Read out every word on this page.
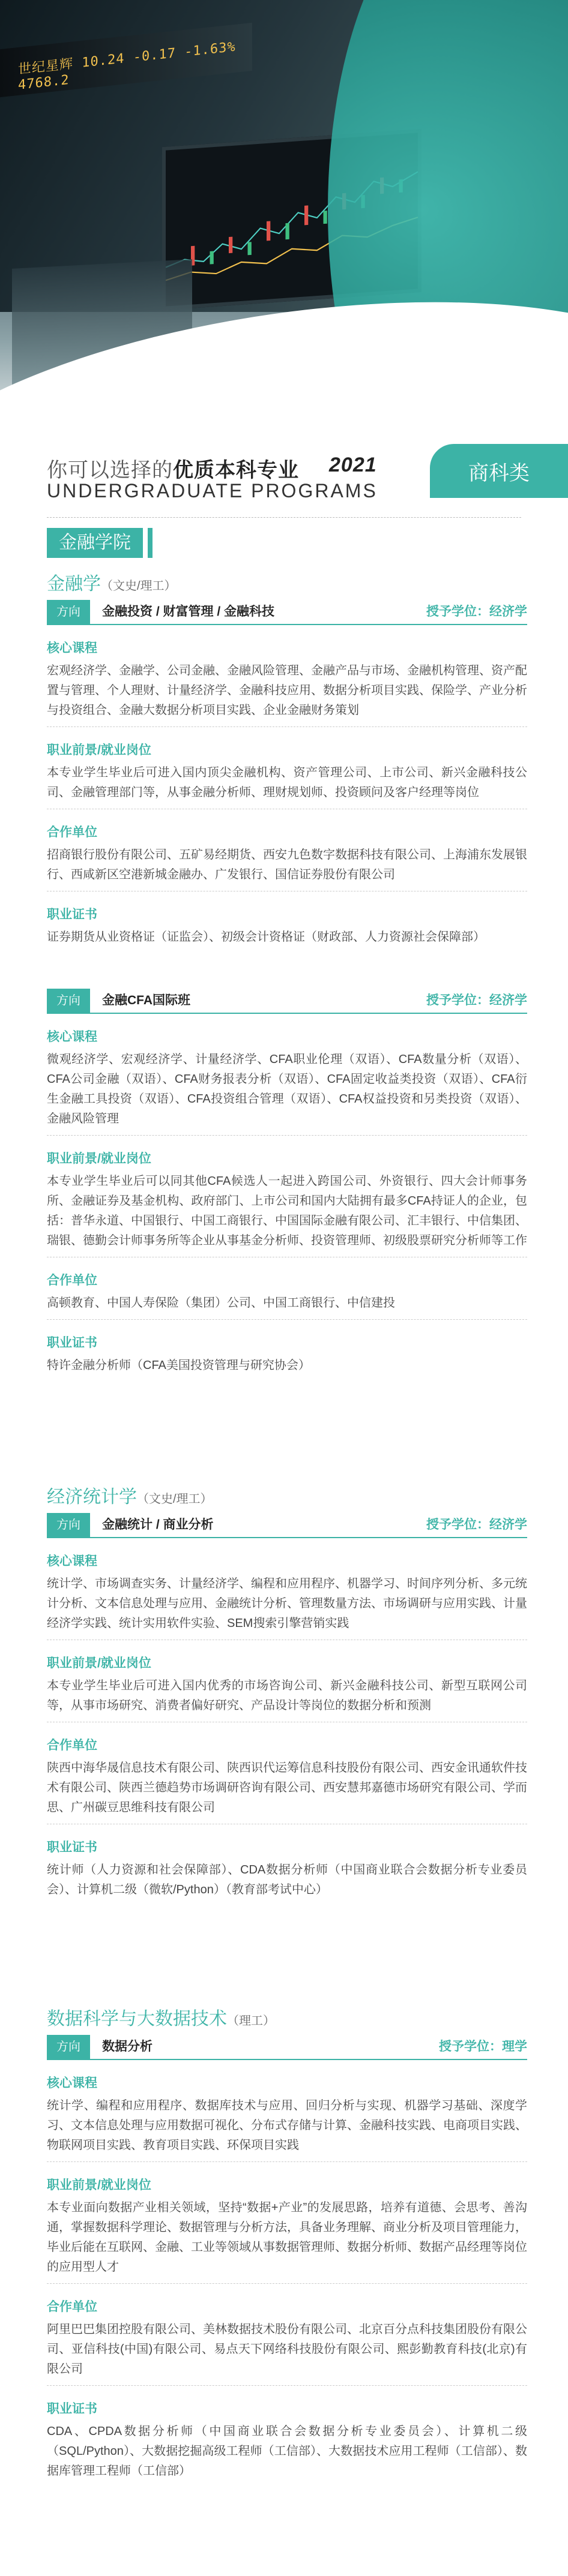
世纪星辉 10.24 -0.17 -1.63% 4768.2
你可以选择的优质本科专业 2021
UNDERGRADUATE PROGRAMS
商科类
金融学院
金融学（文史/理工）
方向	金融投资 / 财富管理 / 金融科技	授予学位：经济学
核心课程
宏观经济学、金融学、公司金融、金融风险管理、金融产品与市场、金融机构管理、资产配置与管理、个人理财、计量经济学、金融科技应用、数据分析项目实践、保险学、产业分析与投资组合、金融大数据分析项目实践、企业金融财务策划
职业前景/就业岗位
本专业学生毕业后可进入国内顶尖金融机构、资产管理公司、上市公司、新兴金融科技公司、金融管理部门等，从事金融分析师、理财规划师、投资顾问及客户经理等岗位
合作单位
招商银行股份有限公司、五矿易经期货、西安九色数字数据科技有限公司、上海浦东发展银行、西咸新区空港新城金融办、广发银行、国信证券股份有限公司
职业证书
证券期货从业资格证（证监会）、初级会计资格证（财政部、人力资源社会保障部）
方向	金融CFA国际班	授予学位：经济学
核心课程
微观经济学、宏观经济学、计量经济学、CFA职业伦理（双语）、CFA数量分析（双语）、CFA公司金融（双语）、CFA财务报表分析（双语）、CFA固定收益类投资（双语）、CFA衍生金融工具投资（双语）、CFA投资组合管理（双语）、CFA权益投资和另类投资（双语）、金融风险管理
职业前景/就业岗位
本专业学生毕业后可以同其他CFA候选人一起进入跨国公司、外资银行、四大会计师事务所、金融证券及基金机构、政府部门、上市公司和国内大陆拥有最多CFA持证人的企业，包括：普华永道、中国银行、中国工商银行、中国国际金融有限公司、汇丰银行、中信集团、瑞银、德勤会计师事务所等企业从事基金分析师、投资管理师、初级股票研究分析师等工作
合作单位
高顿教育、中国人寿保险（集团）公司、中国工商银行、中信建投
职业证书
特许金融分析师（CFA美国投资管理与研究协会）
经济统计学（文史/理工）
方向	金融统计 / 商业分析	授予学位：经济学
核心课程
统计学、市场调查实务、计量经济学、编程和应用程序、机器学习、时间序列分析、多元统计分析、文本信息处理与应用、金融统计分析、管理数量方法、市场调研与应用实践、计量经济学实践、统计实用软件实验、SEM搜索引擎营销实践
职业前景/就业岗位
本专业学生毕业后可进入国内优秀的市场咨询公司、新兴金融科技公司、新型互联网公司等，从事市场研究、消费者偏好研究、产品设计等岗位的数据分析和预测
合作单位
陕西中海华晟信息技术有限公司、陕西识代运筹信息科技股份有限公司、西安金讯通软件技术有限公司、陕西兰德趋势市场调研咨询有限公司、西安慧邦嘉德市场研究有限公司、学而思、广州碳豆思维科技有限公司
职业证书
统计师（人力资源和社会保障部）、CDA数据分析师（中国商业联合会数据分析专业委员会）、计算机二级（微软/Python）（教育部考试中心）
数据科学与大数据技术（理工）
方向	数据分析	授予学位：理学
核心课程
统计学、编程和应用程序、数据库技术与应用、回归分析与实现、机器学习基础、深度学习、文本信息处理与应用数据可视化、分布式存储与计算、金融科技实践、电商项目实践、物联网项目实践、教育项目实践、环保项目实践
职业前景/就业岗位
本专业面向数据产业相关领域，坚持“数据+产业”的发展思路，培养有道德、会思考、善沟通，掌握数据科学理论、数据管理与分析方法，具备业务理解、商业分析及项目管理能力，毕业后能在互联网、金融、工业等领域从事数据管理师、数据分析师、数据产品经理等岗位的应用型人才
合作单位
阿里巴巴集团控股有限公司、美林数据技术股份有限公司、北京百分点科技集团股份有限公司、亚信科技(中国)有限公司、易点天下网络科技股份有限公司、熙彭勤教育科技(北京)有限公司
职业证书
CDA、CPDA数据分析师（中国商业联合会数据分析专业委员会）、计算机二级（SQL/Python）、大数据挖掘高级工程师（工信部）、大数据技术应用工程师（工信部）、数据库管理工程师（工信部）
